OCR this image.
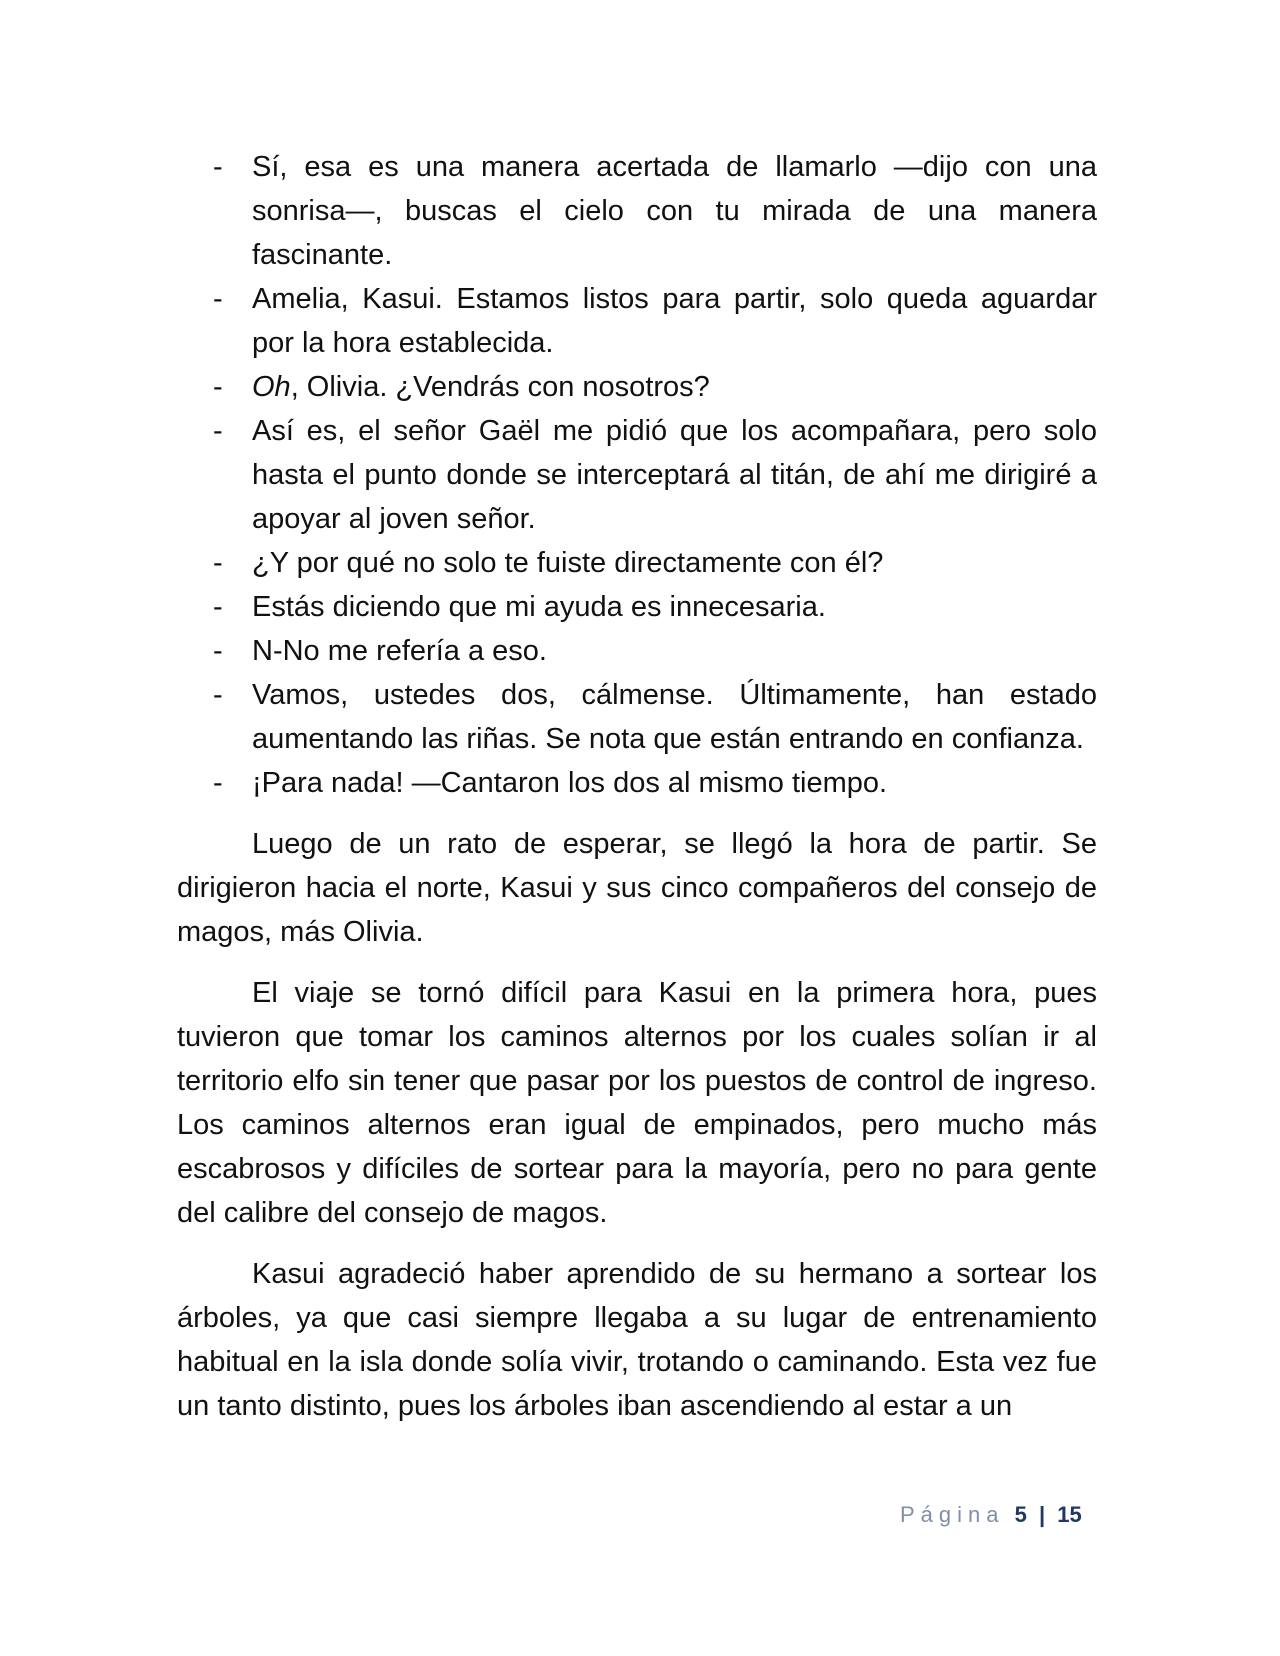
- Sí, esa es una manera acertada de llamarlo —dijo con una sonrisa—, buscas el cielo con tu mirada de una manera fascinante.
- Amelia, Kasui. Estamos listos para partir, solo queda aguardar por la hora establecida.
- Oh, Olivia. ¿Vendrás con nosotros?
- Así es, el señor Gaël me pidió que los acompañara, pero solo hasta el punto donde se interceptará al titán, de ahí me dirigiré a apoyar al joven señor.
- ¿Y por qué no solo te fuiste directamente con él?
- Estás diciendo que mi ayuda es innecesaria.
- N-No me refería a eso.
- Vamos, ustedes dos, cálmense. Últimamente, han estado aumentando las riñas. Se nota que están entrando en confianza.
- ¡Para nada! —Cantaron los dos al mismo tiempo.

Luego de un rato de esperar, se llegó la hora de partir. Se dirigieron hacia el norte, Kasui y sus cinco compañeros del consejo de magos, más Olivia.

El viaje se tornó difícil para Kasui en la primera hora, pues tuvieron que tomar los caminos alternos por los cuales solían ir al territorio elfo sin tener que pasar por los puestos de control de ingreso. Los caminos alternos eran igual de empinados, pero mucho más escabrosos y difíciles de sortear para la mayoría, pero no para gente del calibre del consejo de magos.

Kasui agradeció haber aprendido de su hermano a sortear los árboles, ya que casi siempre llegaba a su lugar de entrenamiento habitual en la isla donde solía vivir, trotando o caminando. Esta vez fue un tanto distinto, pues los árboles iban ascendiendo al estar a un

Página 5 | 15
